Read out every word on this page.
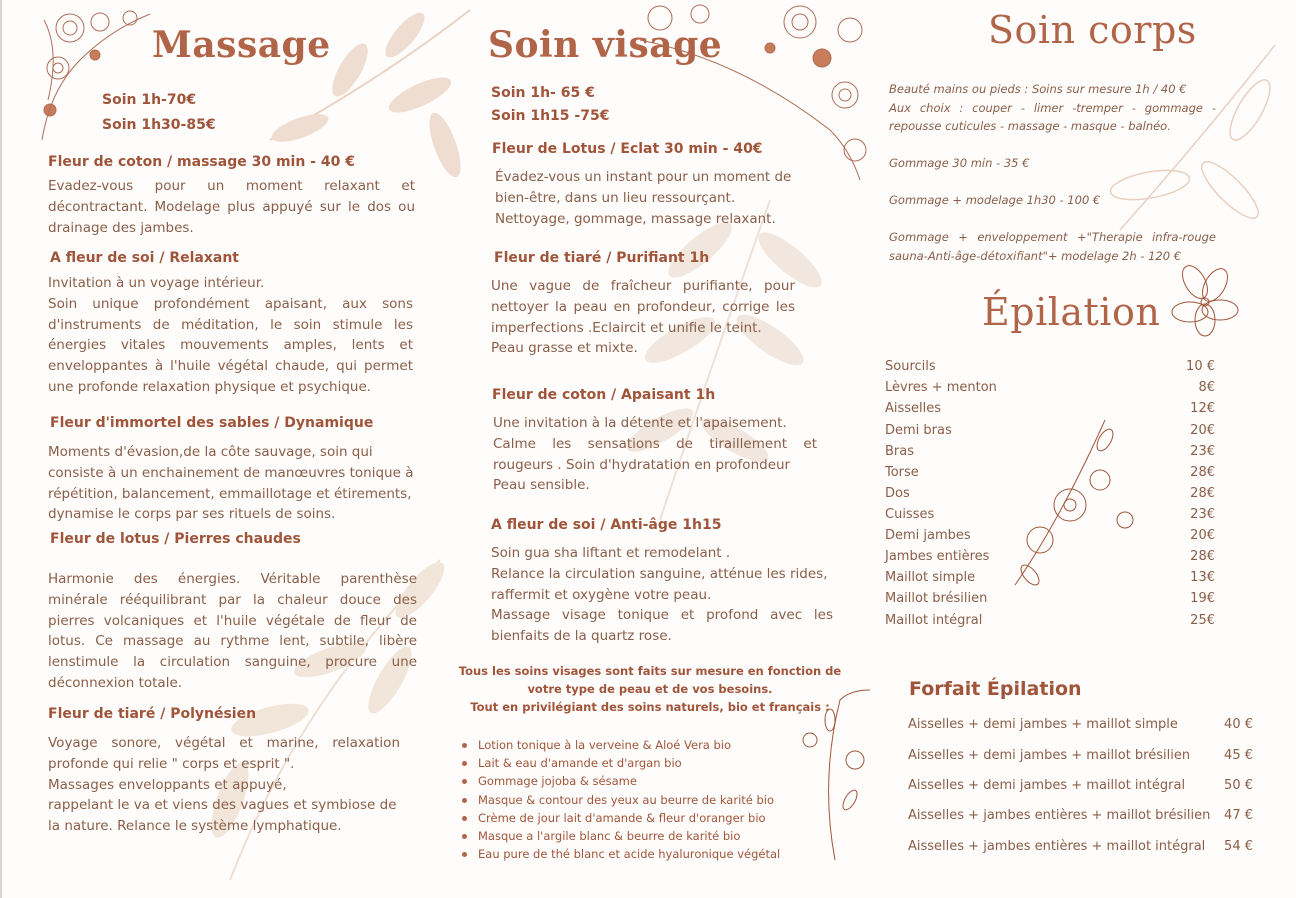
Massage
Soin 1h-70€
Soin 1h30-85€
Fleur de coton / massage 30 min - 40 €

Evadez-vous pour un moment relaxant et décontractant. Modelage plus appuyé sur le dos ou drainage des jambes.

A fleur de soi / Relaxant

Invitation à un voyage intérieur.

Soin unique profondément apaisant, aux sons d'instruments de méditation, le soin stimule les énergies vitales mouvements amples, lents et enveloppantes à l'huile végétal chaude, qui permet une profonde relaxation physique et psychique.

Fleur d'immortel des sables / Dynamique

Moments d'évasion,de la côte sauvage, soin qui consiste à un enchainement de manœuvres tonique à répétition, balancement, emmaillotage et étirements, dynamise le corps par ses rituels de soins.

Fleur de lotus / Pierres chaudes

Harmonie des énergies. Véritable parenthèse minérale rééquilibrant par la chaleur douce des pierres volcaniques et l'huile végétale de fleur de lotus. Ce massage au rythme lent, subtile, libère lenstimule la circulation sanguine, procure une déconnexion totale.

Fleur de tiaré / Polynésien

Voyage sonore, végétal et marine, relaxation profonde qui relie " corps et esprit ".

Massages enveloppants et appuyé,

rappelant le va et viens des vagues et symbiose de la nature. Relance le système lymphatique.

Soin visage
Soin 1h- 65 €
Soin 1h15 -75€
Fleur de Lotus / Eclat 30 min - 40€

Évadez-vous un instant pour un moment de bien-être, dans un lieu ressourçant.

Nettoyage, gommage, massage relaxant.

Fleur de tiaré / Purifiant 1h

Une vague de fraîcheur purifiante, pour nettoyer la peau en profondeur, corrige les imperfections .Eclaircit et unifie le teint.

Peau grasse et mixte.

Fleur de coton / Apaisant 1h

Une invitation à la détente et l'apaisement.

Calme les sensations de tiraillement et rougeurs . Soin d'hydratation en profondeur

Peau sensible.

A fleur de soi / Anti-âge 1h15

Soin gua sha liftant et remodelant .

Relance la circulation sanguine, atténue les rides, raffermit et oxygène votre peau.

Massage visage tonique et profond avec les bienfaits de la quartz rose.

Tous les soins visages sont faits sur mesure en fonction de
votre type de peau et de vos besoins.
Tout en privilégiant des soins naturels, bio et français :
Lotion tonique à la verveine & Aloé Vera bio
Lait & eau d'amande et d'argan bio
Gommage jojoba & sésame
Masque & contour des yeux au beurre de karité bio
Crème de jour lait d'amande & fleur d'oranger bio
Masque a l'argile blanc & beurre de karité bio
Eau pure de thé blanc et acide hyaluronique végétal
Soin corps
Beauté mains ou pieds : Soins sur mesure 1h / 40 €
Aux choix : couper - limer -tremper - gommage - repousse cuticules - massage - masque - balnéo.
Gommage 30 min - 35 €
Gommage + modelage 1h30 - 100 €
Gommage + enveloppement +"Therapie infra-rouge sauna-Anti-âge-détoxifiant"+ modelage 2h - 120 €
Épilation
Sourcils	10 €
Lèvres + menton	8€
Aisselles	12€
Demi bras	20€
Bras	23€
Torse	28€
Dos	28€
Cuisses	23€
Demi jambes	20€
Jambes entières	28€
Maillot simple	13€
Maillot brésilien	19€
Maillot intégral	25€
Forfait Épilation
Aisselles + demi jambes + maillot simple	40 €
Aisselles + demi jambes + maillot brésilien	45 €
Aisselles + demi jambes + maillot intégral	50 €
Aisselles + jambes entières + maillot brésilien 47 €
Aisselles + jambes entières + maillot intégral 54 €
